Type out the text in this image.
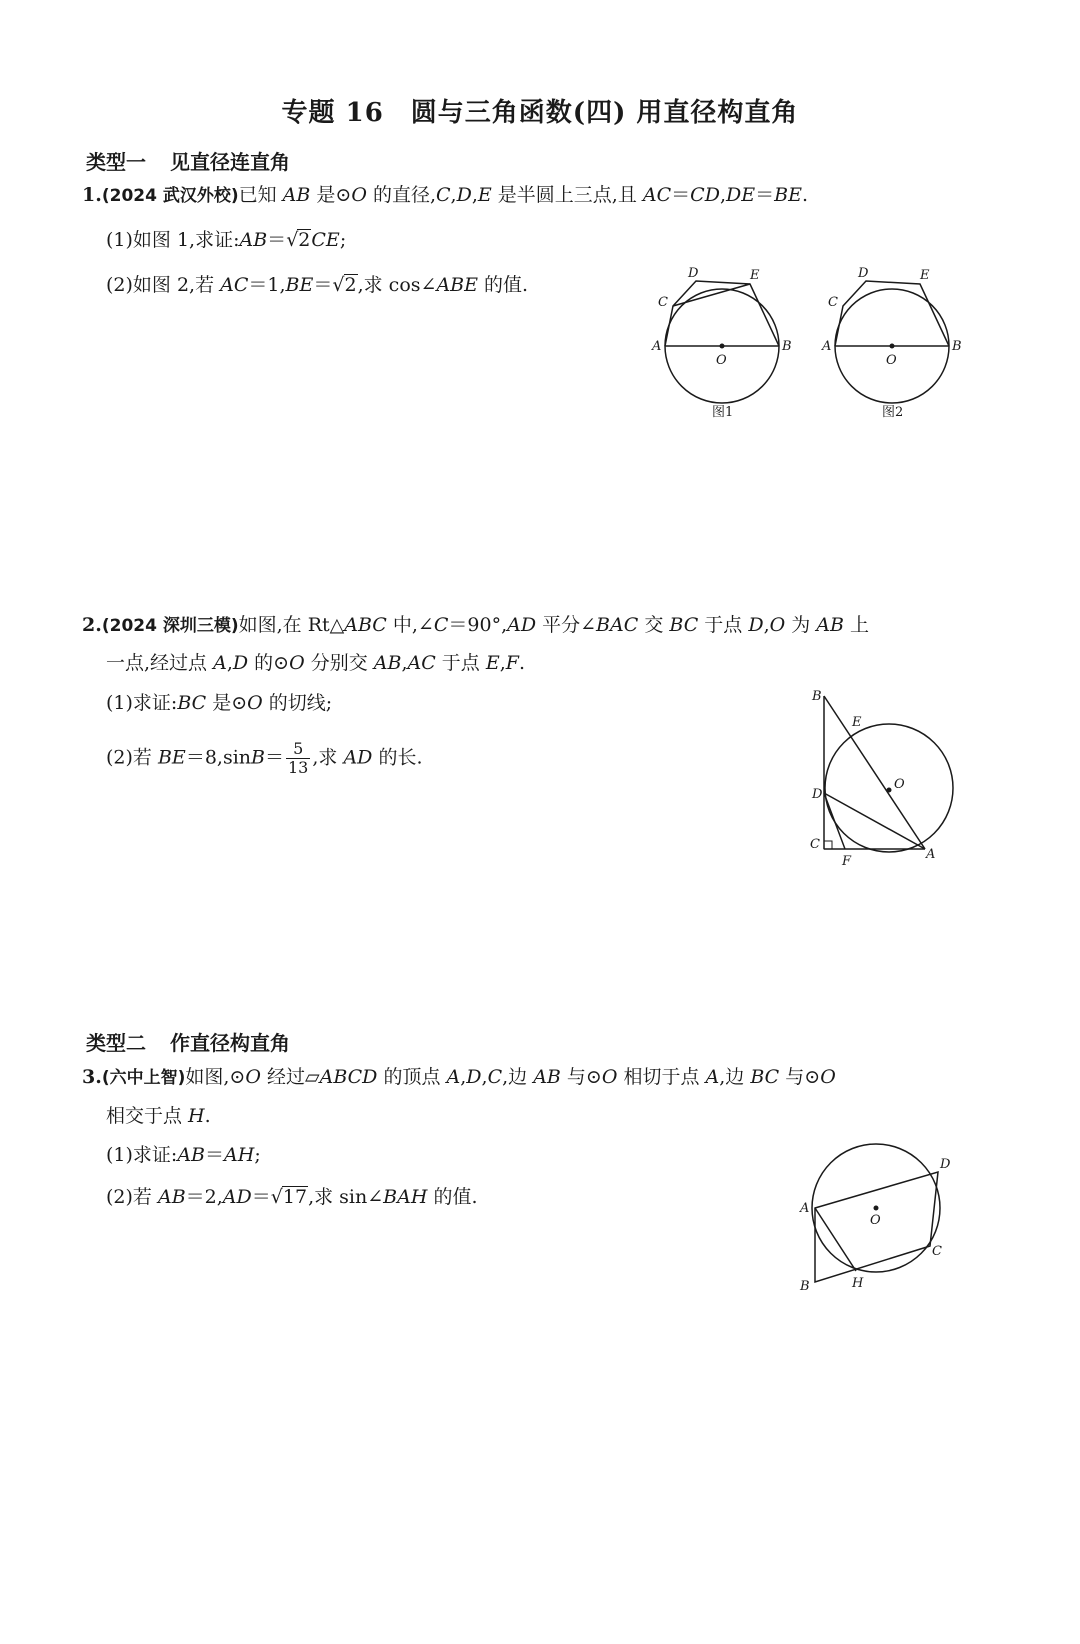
专题 16　圆与三角函数(四) 用直径构直角
类型一 见直径连直角
1.(2024 武汉外校)已知 AB 是⊙O 的直径,C,D,E 是半圆上三点,且 AC＝CD,DE＝BE.
(1)如图 1,求证:AB＝√2CE;
(2)如图 2,若 AC＝1,BE＝√2,求 cos∠ABE 的值.
A	B
C
D	E
O
图1
A	B
C
D	E
O
图2
2.(2024 深圳三模)如图,在 Rt△ABC 中,∠C＝90°,AD 平分∠BAC 交 BC 于点 D,O 为 AB 上
一点,经过点 A,D 的⊙O 分别交 AB,AC 于点 E,F.
(1)求证:BC 是⊙O 的切线;
(2)若 $BE=8,\sin B= \frac{5}{13}$ ,求 AD 的长.
B
E
O
D
C
F	A
类型二 作直径构直角
3.(六中上智)如图,⊙O 经过▱ABCD 的顶点 A,D,C,边 AB 与⊙O 相切于点 A,边 BC 与⊙O
相交于点 H.
(1)求证:AB＝AH;
(2)若 AB＝2,AD＝√17,求 sin∠BAH 的值.
A
D
C
B	H
O
